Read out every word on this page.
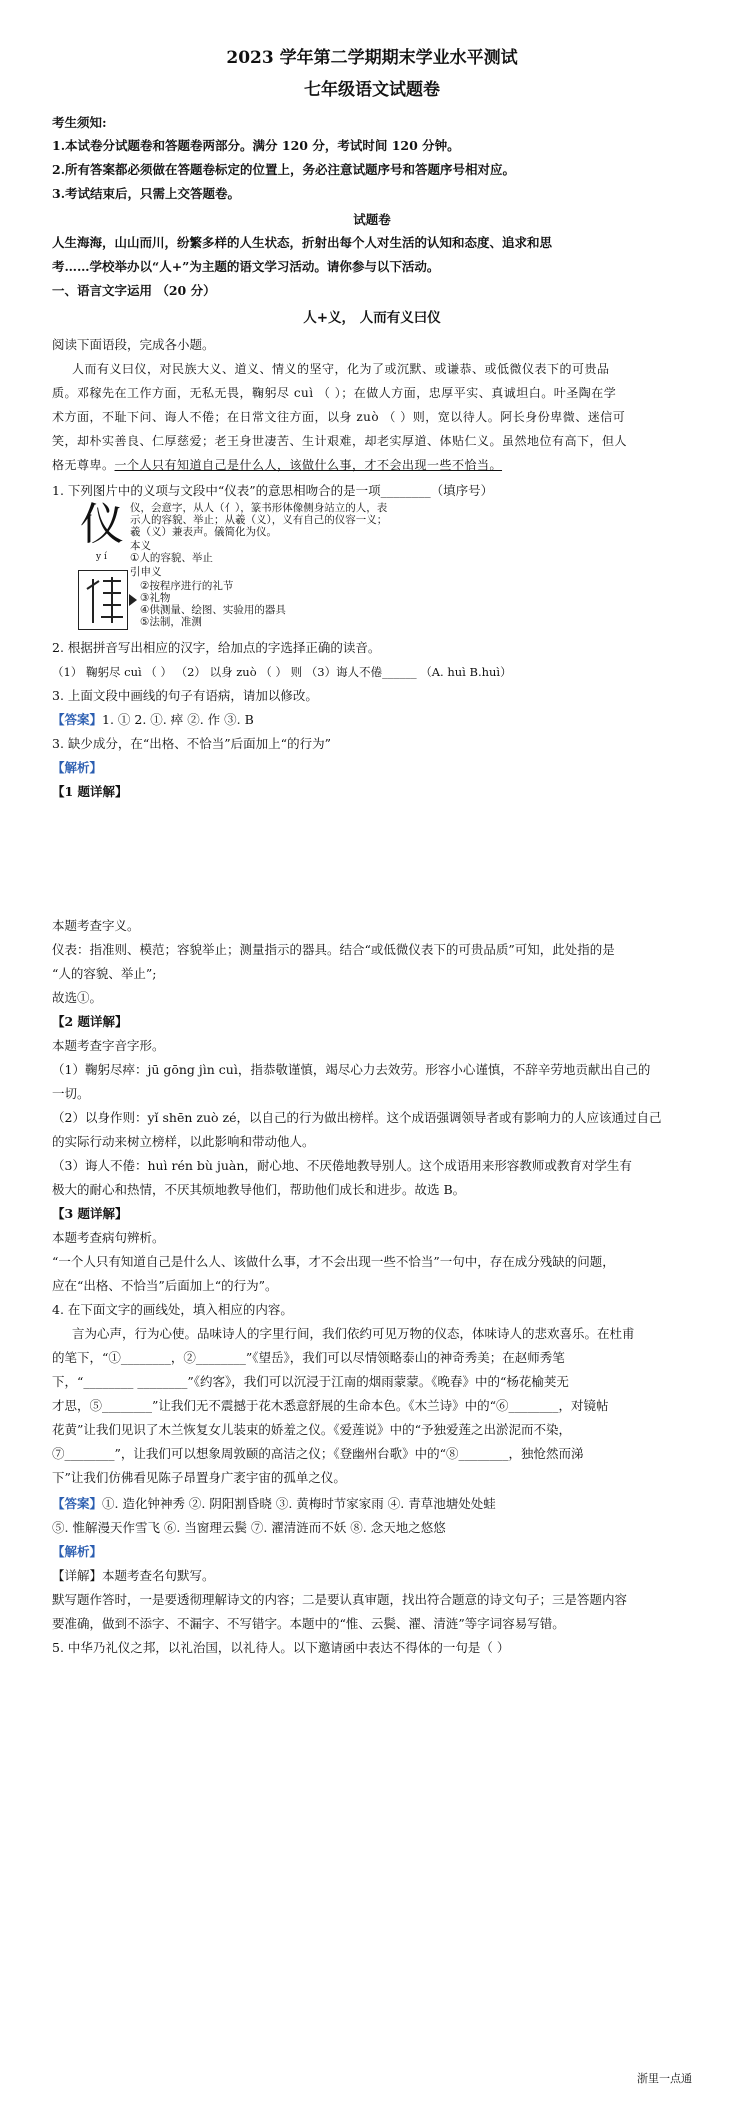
2023 学年第二学期期末学业水平测试
七年级语文试题卷
考生须知:
1.本试卷分试题卷和答题卷两部分。满分 120 分，考试时间 120 分钟。
2.所有答案都必须做在答题卷标定的位置上，务必注意试题序号和答题序号相对应。
3.考试结束后，只需上交答题卷。
试题卷
人生海海，山山而川，纷繁多样的人生状态，折射出每个人对生活的认知和态度、追求和思
考……学校举办以“人+”为主题的语文学习活动。请你参与以下活动。
一、语言文字运用 （20 分）
人+义， 人而有义曰仪
阅读下面语段，完成各小题。
人而有义曰仪，对民族大义、道义、情义的坚守，化为了或沉默、或谦恭、或低微仪表下的可贵品
质。邓稼先在工作方面，无私无畏，鞠躬尽 cuì （ ）；在做人方面，忠厚平实、真诚坦白。叶圣陶在学
术方面，不耻下问、诲人不倦；在日常文往方面，以身 zuò （ ）则，宽以待人。阿长身份卑微、迷信可
笑，却朴实善良、仁厚慈爱；老王身世凄苦、生计艰难，却老实厚道、体贴仁义。虽然地位有高下，但人
格无尊卑。一个人只有知道自己是什么人，该做什么事，才不会出现一些不恰当。
1. 下列图片中的义项与文段中“仪表”的意思相吻合的是一项________（填序号）
仪
y í
仪，会意字，从人（亻），篆书形体像侧身站立的人，表
示人的容貌、举止；从羲（义），义有自己的仪容一义；
羲（义）兼表声。儀简化为仪。
本义
①人的容貌、举止
引申义
②按程序进行的礼节
③礼物
④供测量、绘图、实验用的器具
⑤法制，准测
2. 根据拼音写出相应的汉字，给加点的字选择正确的读音。
（1） 鞠躬尽 cuì （ ） （2） 以身 zuò （ ） 则 （3）诲人不倦______ （A. huì B.huì）
3. 上面文段中画线的句子有语病，请加以修改。
【答案】1. ① 2. ①. 瘁 ②. 作 ③. B
3. 缺少成分，在“出格、不恰当”后面加上“的行为”
【解析】
【1 题详解】
本题考查字义。
仪表：指准则、模范；容貌举止；测量指示的器具。结合“或低微仪表下的可贵品质”可知，此处指的是
“人的容貌、举止”;
故选①。
【2 题详解】
本题考查字音字形。
（1）鞠躬尽瘁：jū gōng jìn cuì，指恭敬谨慎，竭尽心力去效劳。形容小心谨慎，不辞辛劳地贡献出自己的
一切。
（2）以身作则：yǐ shēn zuò zé，以自己的行为做出榜样。这个成语强调领导者或有影响力的人应该通过自己
的实际行动来树立榜样，以此影响和带动他人。
（3）诲人不倦：huì rén bù juàn，耐心地、不厌倦地教导别人。这个成语用来形容教师或教育对学生有
极大的耐心和热情，不厌其烦地教导他们，帮助他们成长和进步。故选 B。
【3 题详解】
本题考查病句辨析。
“一个人只有知道自己是什么人、该做什么事，才不会出现一些不恰当”一句中，存在成分残缺的问题，
应在“出格、不恰当”后面加上“的行为”。
4. 在下面文字的画线处，填入相应的内容。
言为心声，行为心使。品味诗人的字里行间，我们依约可见万物的仪态，体味诗人的悲欢喜乐。在杜甫
的笔下，“①________，②________”《望岳》，我们可以尽情领略泰山的神奇秀美；在赵师秀笔
下，“________ ________”《约客》，我们可以沉浸于江南的烟雨蒙蒙。《晚春》中的“杨花榆荚无
才思，⑤________”让我们无不震撼于花木悉意舒展的生命本色。《木兰诗》中的“⑥________，对镜帖
花黄”让我们见识了木兰恢复女儿装束的娇羞之仪。《爱莲说》中的“予独爱莲之出淤泥而不染，
⑦________”，让我们可以想象周敦颐的高洁之仪；《登幽州台歌》中的“⑧________，独怆然而涕
下”让我们仿佛看见陈子昂置身广袤宇宙的孤单之仪。
【答案】①. 造化钟神秀 ②. 阴阳割昏晓 ③. 黄梅时节家家雨 ④. 青草池塘处处蛙
⑤. 惟解漫天作雪飞 ⑥. 当窗理云鬓 ⑦. 濯清涟而不妖 ⑧. 念天地之悠悠
【解析】
【详解】本题考查名句默写。
默写题作答时，一是要透彻理解诗文的内容；二是要认真审题，找出符合题意的诗文句子；三是答题内容
要准确，做到不添字、不漏字、不写错字。本题中的“惟、云鬓、濯、清涟”等字词容易写错。
5. 中华乃礼仪之邦，以礼治国，以礼待人。以下邀请函中表达不得体的一句是（ ）
浙里一点通
